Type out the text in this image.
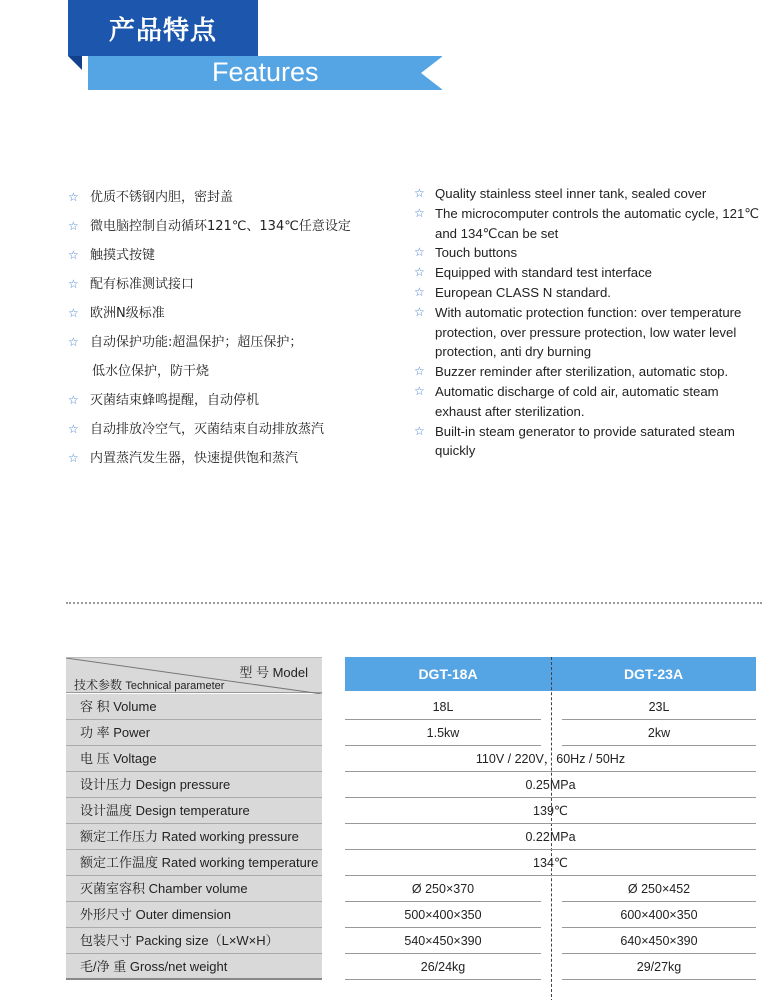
产品特点
Features
☆ 优质不锈钢内胆，密封盖
☆ 微电脑控制自动循环121℃、134℃任意设定
☆ 触摸式按键
☆ 配有标准测试接口
☆ 欧洲N级标准
☆ 自动保护功能:超温保护；超压保护；
低水位保护，防干烧
☆ 灭菌结束蜂鸣提醒，自动停机
☆ 自动排放冷空气，灭菌结束自动排放蒸汽
☆ 内置蒸汽发生器，快速提供饱和蒸汽
☆ Quality stainless steel inner tank, sealed cover
☆ The microcomputer controls the automatic cycle, 121℃ and 134℃can be set
☆ Touch buttons
☆ Equipped with standard test interface
☆ European CLASS N standard.
☆ With automatic protection function: over temperature protection, over pressure protection, low water level protection, anti dry burning
☆ Buzzer reminder after sterilization, automatic stop.
☆ Automatic discharge of cold air, automatic steam exhaust after sterilization.
☆ Built-in steam generator to provide saturated steam quickly
型 号 Model
技术参数 Technical parameter
DGT-18A	DGT-23A
容 积 Volume	18L	23L
功 率 Power	1.5kw	2kw
电 压 Voltage	110V / 220V，60Hz / 50Hz
设计压力 Design pressure	0.25MPa
设计温度 Design temperature	139℃
额定工作压力 Rated working pressure	0.22MPa
额定工作温度 Rated working temperature	134℃
灭菌室容积 Chamber volume	Ø 250×370	Ø 250×452
外形尺寸 Outer dimension	500×400×350	600×400×350
包装尺寸 Packing size（L×W×H）	540×450×390	640×450×390
毛/净 重 Gross/net weight	26/24kg	29/27kg
